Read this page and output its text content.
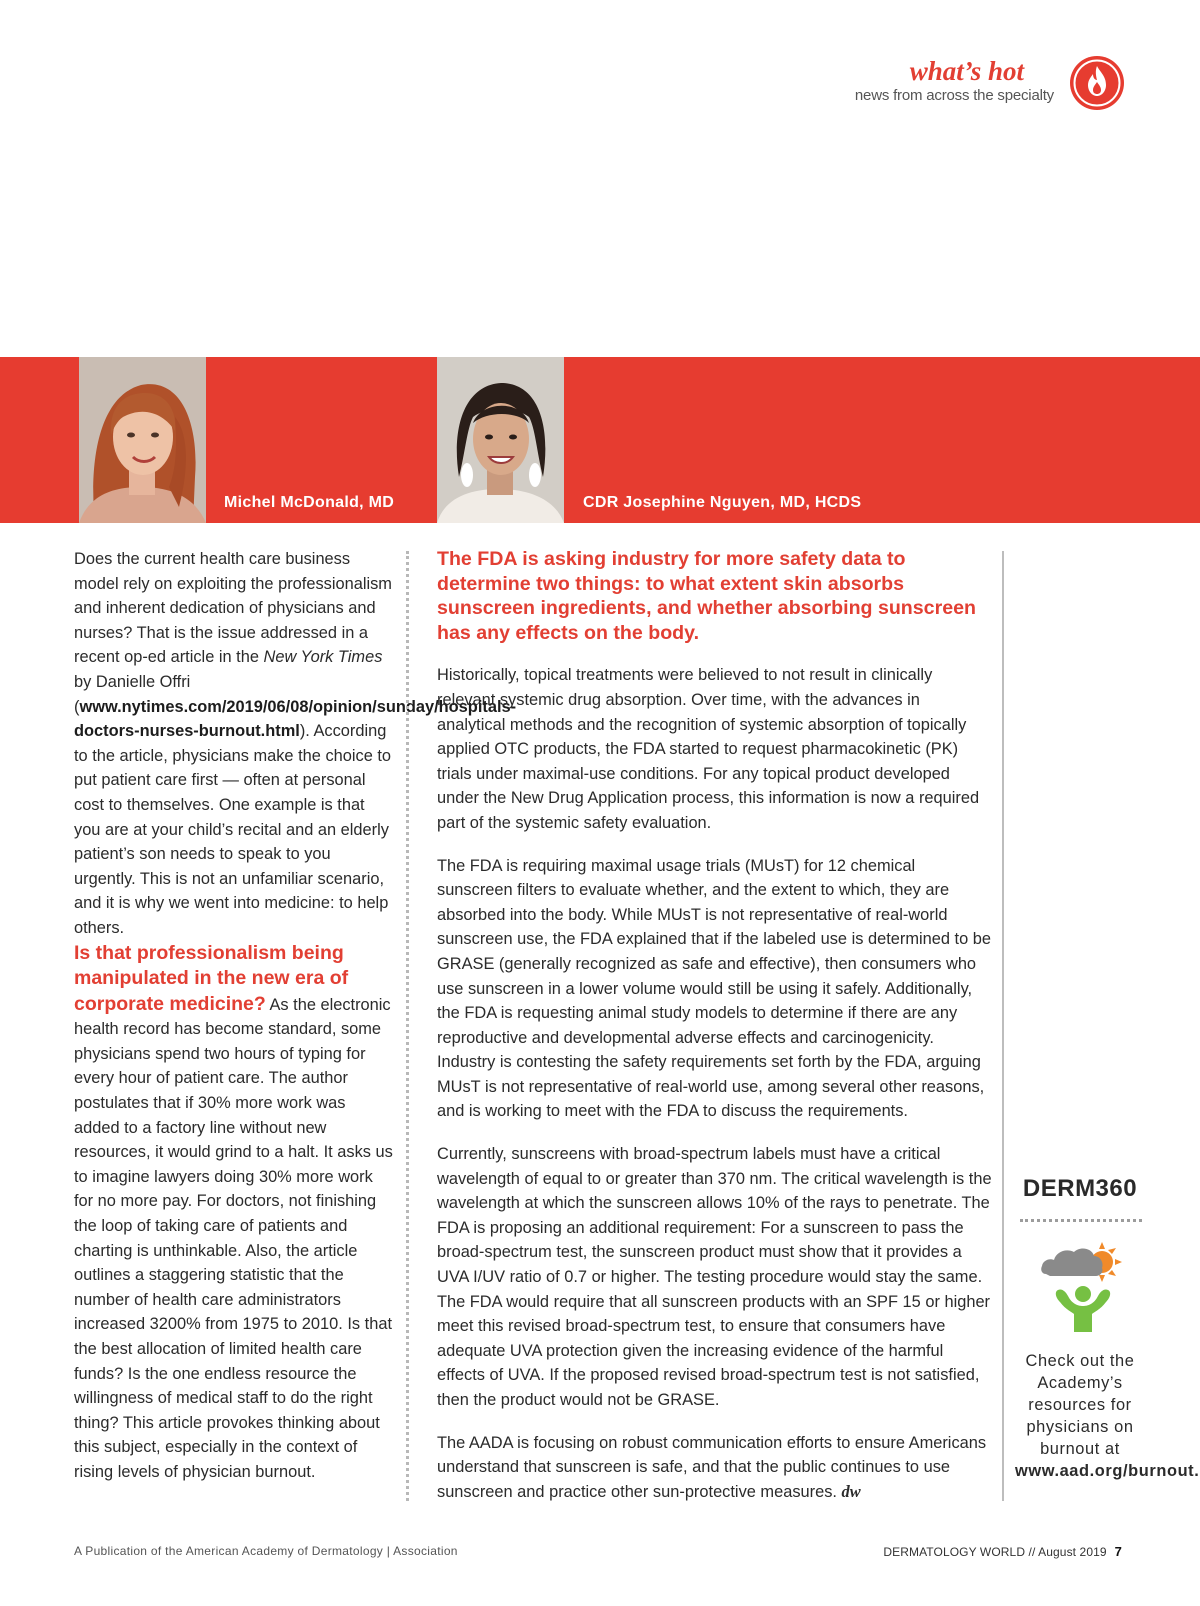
what’s hot
news from across the specialty
Michel McDonald, MD	CDR Josephine Nguyen, MD, HCDS

Does the current health care business model rely on exploiting the professionalism and inherent dedication of physicians and nurses? That is the issue addressed in a recent op-ed article in the New York Times by Danielle Offri (www.nytimes.com/2019/06/08/opinion/sunday/hospitals-doctors-nurses-burnout.html). According to the article, physicians make the choice to put patient care first — often at personal cost to themselves. One example is that you are at your child’s recital and an elderly patient’s son needs to speak to you urgently. This is not an unfamiliar scenario, and it is why we went into medicine: to help others.

Is that professionalism being manipulated in the new era of corporate medicine? As the electronic health record has become standard, some physicians spend two hours of typing for every hour of patient care. The author postulates that if 30% more work was added to a factory line without new resources, it would grind to a halt. It asks us to imagine lawyers doing 30% more work for no more pay. For doctors, not finishing the loop of taking care of patients and charting is unthinkable. Also, the article outlines a staggering statistic that the number of health care administrators increased 3200% from 1975 to 2010. Is that the best allocation of limited health care funds? Is the one endless resource the willingness of medical staff to do the right thing? This article provokes thinking about this subject, especially in the context of rising levels of physician burnout.

The FDA is asking industry for more safety data to determine two things: to what extent skin absorbs sunscreen ingredients, and whether absorbing sunscreen has any effects on the body.

Historically, topical treatments were believed to not result in clinically relevant systemic drug absorption. Over time, with the advances in analytical methods and the recognition of systemic absorption of topically applied OTC products, the FDA started to request pharmacokinetic (PK) trials under maximal-use conditions. For any topical product developed under the New Drug Application process, this information is now a required part of the systemic safety evaluation.

The FDA is requiring maximal usage trials (MUsT) for 12 chemical sunscreen filters to evaluate whether, and the extent to which, they are absorbed into the body. While MUsT is not representative of real-world sunscreen use, the FDA explained that if the labeled use is determined to be GRASE (generally recognized as safe and effective), then consumers who use sunscreen in a lower volume would still be using it safely. Additionally, the FDA is requesting animal study models to determine if there are any reproductive and developmental adverse effects and carcinogenicity. Industry is contesting the safety requirements set forth by the FDA, arguing MUsT is not representative of real-world use, among several other reasons, and is working to meet with the FDA to discuss the requirements.

Currently, sunscreens with broad-spectrum labels must have a critical wavelength of equal to or greater than 370 nm. The critical wavelength is the wavelength at which the sunscreen allows 10% of the rays to penetrate. The FDA is proposing an additional requirement: For a sunscreen to pass the broad-spectrum test, the sunscreen product must show that it provides a UVA I/UV ratio of 0.7 or higher. The testing procedure would stay the same. The FDA would require that all sunscreen products with an SPF 15 or higher meet this revised broad-spectrum test, to ensure that consumers have adequate UVA protection given the increasing evidence of the harmful effects of UVA. If the proposed revised broad-spectrum test is not satisfied, then the product would not be GRASE.

The AADA is focusing on robust communication efforts to ensure Americans understand that sunscreen is safe, and that the public continues to use sunscreen and practice other sun-protective measures. dw

DERM360
Check out the Academy’s resources for physicians on burnout at
www.aad.org/burnout.
A Publication of the American Academy of Dermatology | Association	DERMATOLOGY WORLD // August 2019 7
